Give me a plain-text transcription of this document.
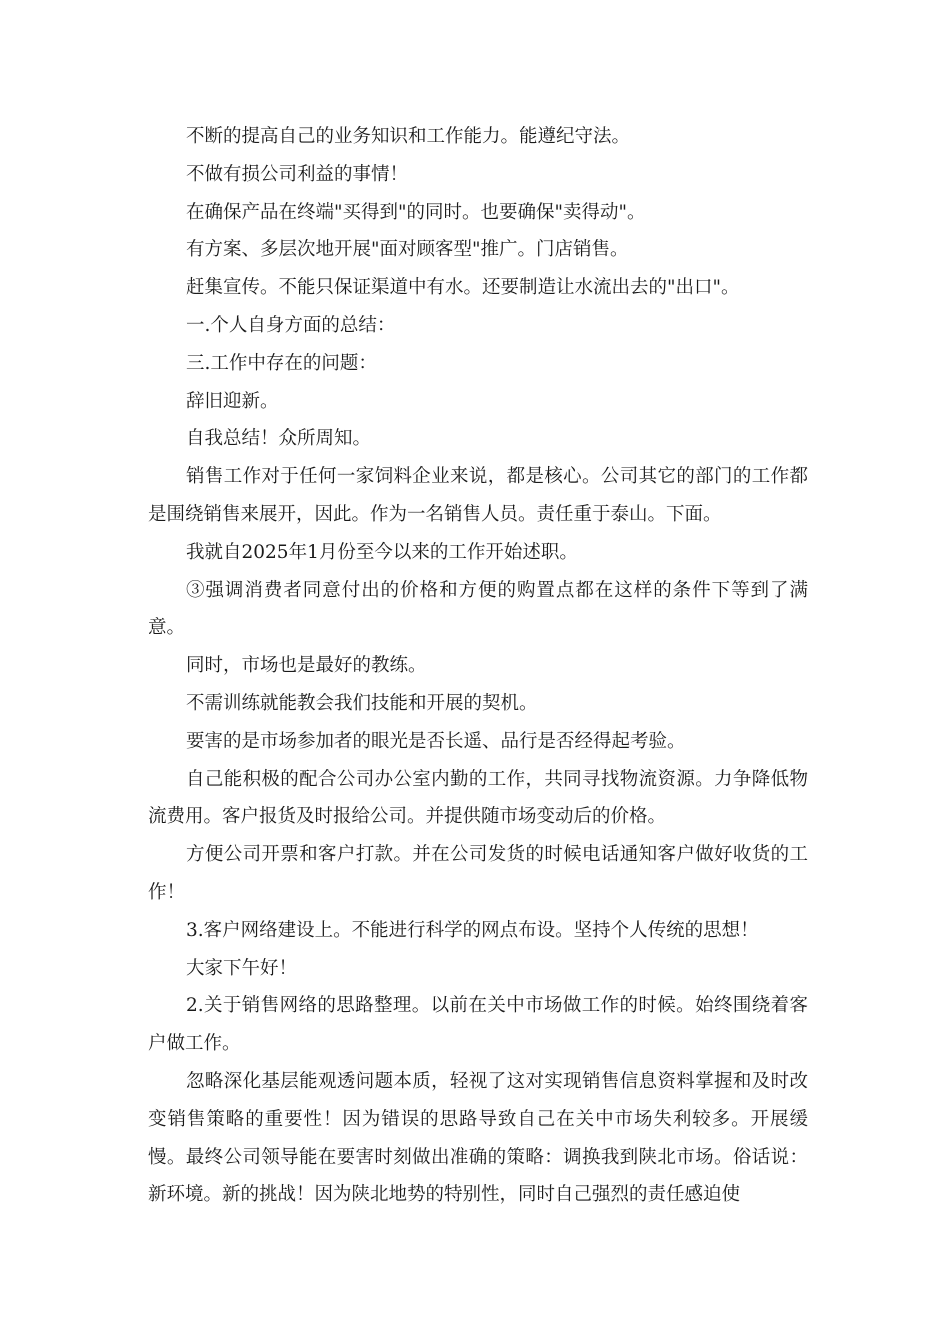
不断的提高自己的业务知识和工作能力。能遵纪守法。

不做有损公司利益的事情！

在确保产品在终端"买得到"的同时。也要确保"卖得动"。

有方案、多层次地开展"面对顾客型"推广。门店销售。

赶集宣传。不能只保证渠道中有水。还要制造让水流出去的"出口"。

一.个人自身方面的总结：

三.工作中存在的问题：

辞旧迎新。

自我总结！众所周知。

销售工作对于任何一家饲料企业来说，都是核心。公司其它的部门的工作都是围绕销售来展开，因此。作为一名销售人员。责任重于泰山。下面。

我就自2025年1月份至今以来的工作开始述职。

③强调消费者同意付出的价格和方便的购置点都在这样的条件下等到了满意。

同时，市场也是最好的教练。

不需训练就能教会我们技能和开展的契机。

要害的是市场参加者的眼光是否长遥、品行是否经得起考验。

自己能积极的配合公司办公室内勤的工作，共同寻找物流资源。力争降低物流费用。客户报货及时报给公司。并提供随市场变动后的价格。

方便公司开票和客户打款。并在公司发货的时候电话通知客户做好收货的工作！

3.客户网络建设上。不能进行科学的网点布设。坚持个人传统的思想！

大家下午好！

2.关于销售网络的思路整理。以前在关中市场做工作的时候。始终围绕着客户做工作。

忽略深化基层能观透问题本质，轻视了这对实现销售信息资料掌握和及时改变销售策略的重要性！因为错误的思路导致自己在关中市场失利较多。开展缓慢。最终公司领导能在要害时刻做出准确的策略：调换我到陕北市场。俗话说：新环境。新的挑战！因为陕北地势的特别性，同时自己强烈的责任感迫使
